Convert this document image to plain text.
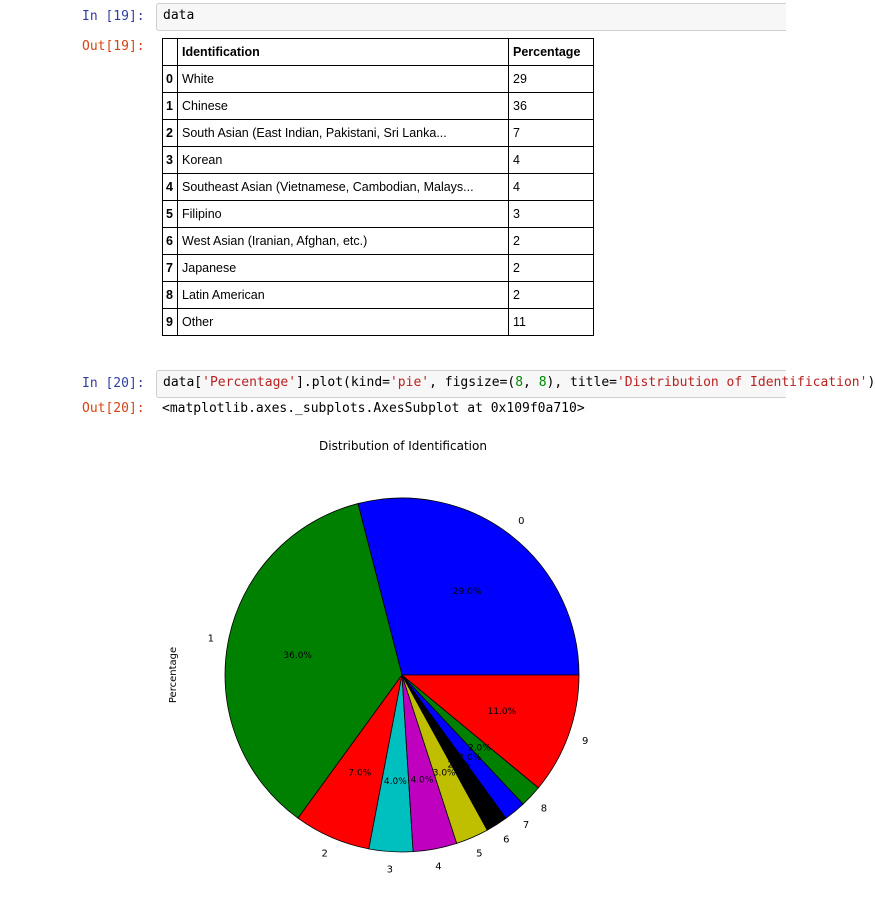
In [19]:	data
Out[19]:
		Identification	Percentage
0	White	29
1	Chinese	36
2	South Asian (East Indian, Pakistani, Sri Lanka...	7
3	Korean	4
4	Southeast Asian (Vietnamese, Cambodian, Malays...	4
5	Filipino	3
6	West Asian (Iranian, Afghan, etc.)	2
7	Japanese	2
8	Latin American	2
9	Other	11
In [20]:	data['Percentage'].plot(kind='pie', figsize=(8, 8), title='Distribution of Identification')
Out[20]: <matplotlib.axes._subplots.AxesSubplot at 0x109f0a710>
Distribution of Identification
Percentage
29.0%
0
36.0%
1
7.0%
2
4.0%
3
4.0%
4
3.0%
5
2.0%
6
2.0%
7
2.0%
8
11.0%
9
